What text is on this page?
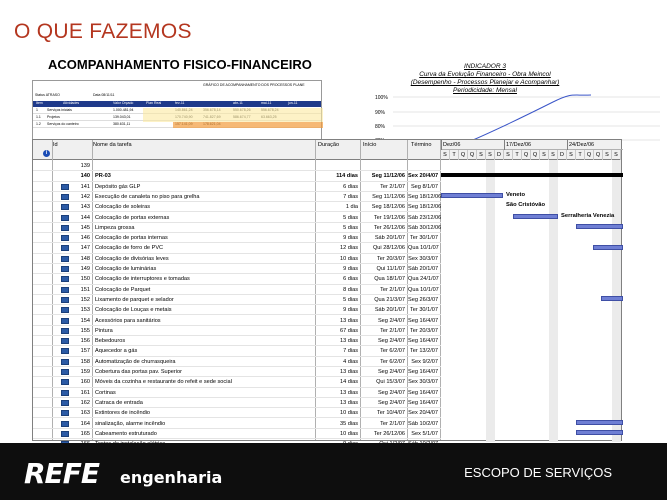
O QUE FAZEMOS
ACOMPANHAMENTO FISICO-FINANCEIRO
GRÁFICO DE ACOMPANHAMENTO DOS PROCESSOS PLANE
Status ATRASO	Data 08/11/11
Item	Atividades	Valor Orçado	Plan Real	fev-11	abr-11	mai-11	jun-11
1	Serviços iniciais	1.000.481,94
1.1 Projetos	139.043,01
1.2 Serviços do canteiro	380.631,11
INDICADOR 3
Curva da Evolução Financeiro - Obra Meincol
(Desempenho - Processos Planejar e Acompanhar)
Periodicidade: Mensal
100%
90%
80%
Id
i
Nome da tarefa	Duração	Início	Término	Dez/06	17/Dez/06	24/Dez/06
S T Q Q S S D S T Q Q S S D S T Q Q S S
139
140 PR-03	114 dias	Seg 11/12/06 Sex 20/4/07
141 Depósito gás GLP	6 dias	Ter 2/1/07	Seg 8/1/07
142 Execução de canaleta no piso para grelha	7 dias	Seg 11/12/06 Seg 18/12/06
143 Colocação de soleiras	1 dia	Seg 18/12/06 Seg 18/12/06
144 Colocação de portas externas	5 dias	Ter 19/12/06 Sáb 23/12/06
145 Limpeza grossa	5 dias	Ter 26/12/06 Sáb 30/12/06
146 Colocação de portas internas	9 dias	Sáb 20/1/07 Ter 30/1/07
147 Colocação de forro de PVC	12 dias	Qui 28/12/06 Qua 10/1/07
148 Colocação de divisórias leves	10 dias	Ter 20/3/07 Sex 30/3/07
149 Colocação de luminárias	9 dias	Qui 11/1/07 Sáb 20/1/07
150 Colocação de interruptores e tomadas	6 dias	Qua 18/1/07 Qua 24/1/07
151 Colocação de Parquet	8 dias	Ter 2/1/07 Qua 10/1/07
152 Lixamento de parquet e selador	5 dias	Qua 21/3/07 Seg 26/3/07
153 Colocação de Louças e metais	9 dias	Sáb 20/1/07 Ter 30/1/07
154 Acessórios para sanitários	13 dias	Seg 2/4/07 Seg 16/4/07
155 Pintura	67 dias	Ter 2/1/07 Ter 20/3/07
156 Bebedouros	13 dias	Seg 2/4/07 Seg 16/4/07
157 Aquecedor a gás	7 dias	Ter 6/2/07 Ter 13/2/07
158 Automatização de churrasqueira	4 dias	Ter 6/2/07	Sex 9/2/07
159 Cobertura das portas pav. Superior	13 dias	Seg 2/4/07 Seg 16/4/07
160 Móveis da cozinha e restaurante do refeit e sede social	14 dias	Qui 15/3/07 Sex 30/3/07
161 Cortinas	13 dias	Seg 2/4/07 Seg 16/4/07
162 Catraca de entrada	13 dias	Seg 2/4/07 Seg 16/4/07
163 Extintores de incêndio	10 dias	Ter 10/4/07 Sex 20/4/07
164 sinalização, alarme incêndio	35 dias	Ter 2/1/07 Sáb 10/2/07
165 Cabeamento estruturado	10 dias	Ter 26/12/06	Sex 5/1/07
Veneto
São Cristóvão
Serralheria Venezia
REFE engenharia	ESCOPO DE SERVIÇOS
